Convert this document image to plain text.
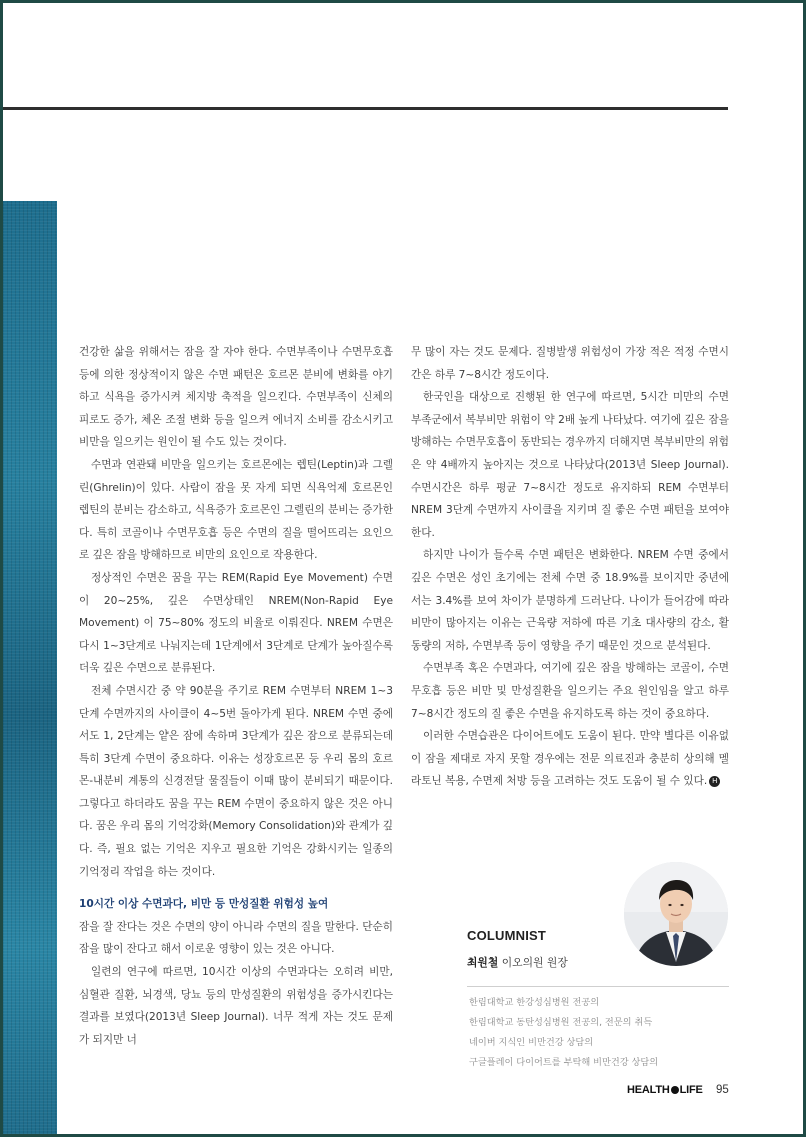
건강한 삶을 위해서는 잠을 잘 자야 한다. 수면부족이나 수면무호흡 등에 의한 정상적이지 않은 수면 패턴은 호르몬 분비에 변화를 야기하고 식욕을 증가시켜 체지방 축적을 일으킨다. 수면부족이 신체의 피로도 증가, 체온 조절 변화 등을 일으켜 에너지 소비를 감소시키고 비만을 일으키는 원인이 될 수도 있는 것이다.

수면과 연관돼 비만을 일으키는 호르몬에는 렙틴(Leptin)과 그렐린(Ghrelin)이 있다. 사람이 잠을 못 자게 되면 식욕억제 호르몬인 렙틴의 분비는 감소하고, 식욕증가 호르몬인 그렐린의 분비는 증가한다. 특히 코골이나 수면무호흡 등은 수면의 질을 떨어뜨리는 요인으로 깊은 잠을 방해하므로 비만의 요인으로 작용한다.

정상적인 수면은 꿈을 꾸는 REM(Rapid Eye Movement) 수면이 20~25%, 깊은 수면상태인 NREM(Non-Rapid Eye Movement) 이 75~80% 정도의 비율로 이뤄진다. NREM 수면은 다시 1~3단계로 나눠지는데 1단계에서 3단계로 단계가 높아질수록 더욱 깊은 수면으로 분류된다.

전체 수면시간 중 약 90분을 주기로 REM 수면부터 NREM 1~3단계 수면까지의 사이클이 4~5번 돌아가게 된다. NREM 수면 중에서도 1, 2단계는 얕은 잠에 속하며 3단계가 깊은 잠으로 분류되는데 특히 3단계 수면이 중요하다. 이유는 성장호르몬 등 우리 몸의 호르몬-내분비 계통의 신경전달 물질들이 이때 많이 분비되기 때문이다. 그렇다고 하더라도 꿈을 꾸는 REM 수면이 중요하지 않은 것은 아니다. 꿈은 우리 몸의 기억강화(Memory Consolidation)와 관계가 깊다. 즉, 필요 없는 기억은 지우고 필요한 기억은 강화시키는 일종의 기억정리 작업을 하는 것이다.

10시간 이상 수면과다, 비만 등 만성질환 위험성 높여

잠을 잘 잔다는 것은 수면의 양이 아니라 수면의 질을 말한다. 단순히 잠을 많이 잔다고 해서 이로운 영향이 있는 것은 아니다.

일련의 연구에 따르면, 10시간 이상의 수면과다는 오히려 비만, 심혈관 질환, 뇌경색, 당뇨 등의 만성질환의 위험성을 증가시킨다는 결과를 보였다(2013년 Sleep Journal). 너무 적게 자는 것도 문제가 되지만 너

무 많이 자는 것도 문제다. 질병발생 위험성이 가장 적은 적정 수면시간은 하루 7~8시간 정도이다.

한국인을 대상으로 진행된 한 연구에 따르면, 5시간 미만의 수면 부족군에서 복부비만 위험이 약 2배 높게 나타났다. 여기에 깊은 잠을 방해하는 수면무호흡이 동반되는 경우까지 더해지면 복부비만의 위험은 약 4배까지 높아지는 것으로 나타났다(2013년 Sleep Journal). 수면시간은 하루 평균 7~8시간 정도로 유지하되 REM 수면부터 NREM 3단계 수면까지 사이클을 지키며 질 좋은 수면 패턴을 보여야 한다.

하지만 나이가 들수록 수면 패턴은 변화한다. NREM 수면 중에서 깊은 수면은 성인 초기에는 전체 수면 중 18.9%를 보이지만 중년에서는 3.4%를 보여 차이가 분명하게 드러난다. 나이가 들어감에 따라 비만이 많아지는 이유는 근육량 저하에 따른 기초 대사량의 감소, 활동량의 저하, 수면부족 등이 영향을 주기 때문인 것으로 분석된다.

수면부족 혹은 수면과다, 여기에 깊은 잠을 방해하는 코골이, 수면무호흡 등은 비만 및 만성질환을 일으키는 주요 원인임을 알고 하루 7~8시간 정도의 질 좋은 수면을 유지하도록 하는 것이 중요하다.

이러한 수면습관은 다이어트에도 도움이 된다. 만약 별다른 이유없이 잠을 제대로 자지 못할 경우에는 전문 의료진과 충분히 상의해 멜라토닌 복용, 수면제 처방 등을 고려하는 것도 도움이 될 수 있다. H

COLUMNIST
최원철 이오의원 원장
한림대학교 한강성심병원 전공의
한림대학교 동탄성심병원 전공의, 전문의 취득
네이버 지식인 비만건강 상담의
구글플레이 다이어트를 부탁해 비만건강 상담의
HEALTH LIFE 95
